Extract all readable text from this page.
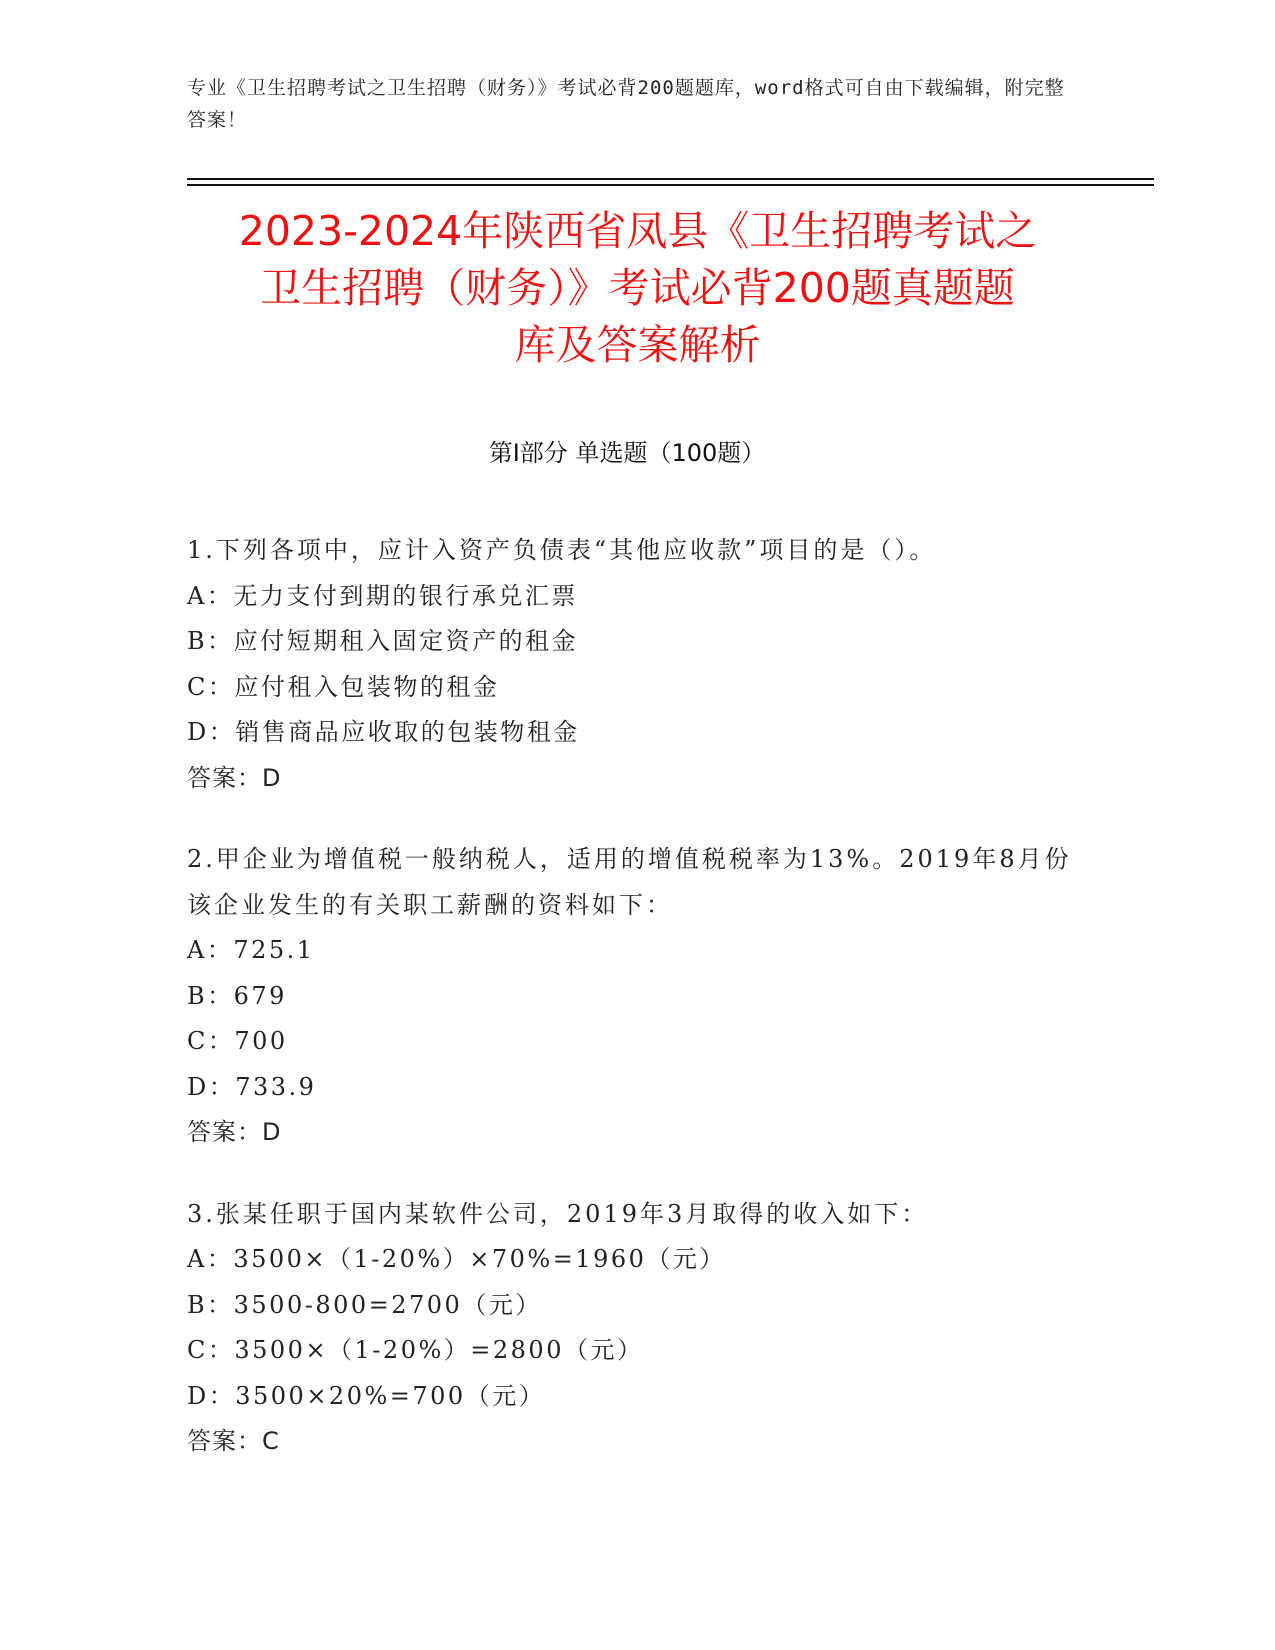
专业《卫生招聘考试之卫生招聘（财务）》考试必背200题题库，word格式可自由下载编辑，附完整答案！
2023-2024年陕西省凤县《卫生招聘考试之
卫生招聘（财务）》考试必背200题真题题
库及答案解析
第Ⅰ部分 单选题（100题）
1.下列各项中，应计入资产负债表“其他应收款”项目的是（）。
A：无力支付到期的银行承兑汇票
B：应付短期租入固定资产的租金
C：应付租入包装物的租金
D：销售商品应收取的包装物租金
答案：D
2.甲企业为增值税一般纳税人，适用的增值税税率为13%。2019年8月份该企业发生的有关职工薪酬的资料如下：
A：725.1
B：679
C：700
D：733.9
答案：D
3.张某任职于国内某软件公司，2019年3月取得的收入如下：
A：3500×（1-20%）×70%=1960（元）
B：3500-800=2700（元）
C：3500×（1-20%）=2800（元）
D：3500×20%=700（元）
答案：C
